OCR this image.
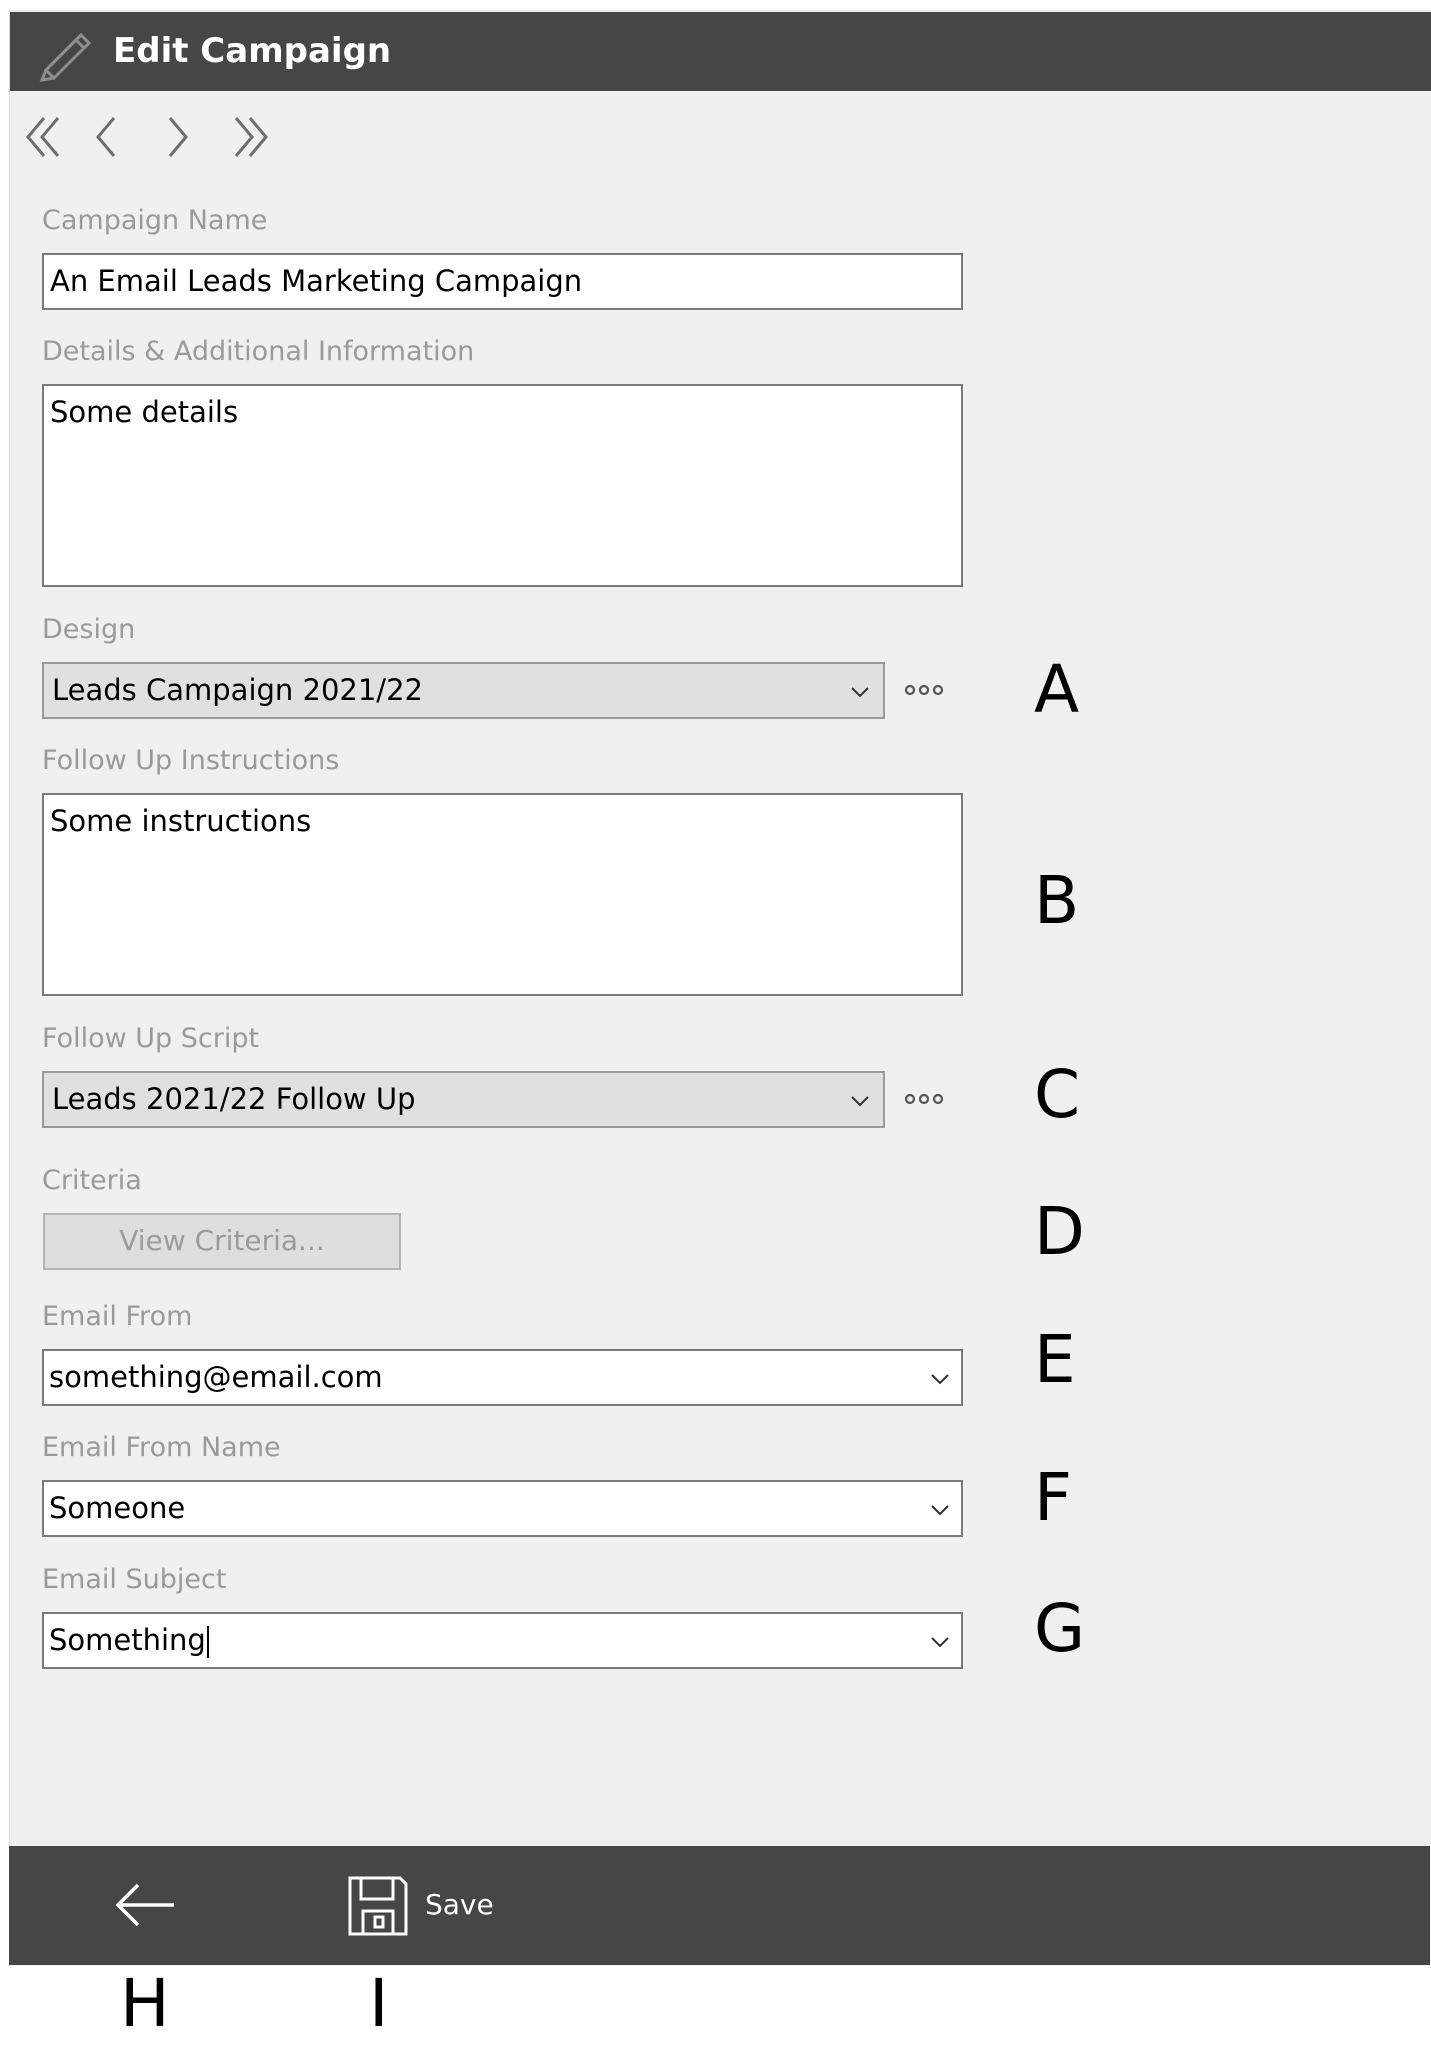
Edit Campaign
Campaign Name
An Email Leads Marketing Campaign
Details & Additional Information
Some details
Design
Leads Campaign 2021/22
Follow Up Instructions
Some instructions
Follow Up Script
Leads 2021/22 Follow Up
Criteria
View Criteria...
Email From
something@email.com
Email From Name
Someone
Email Subject
Something
A
B
C
D
E
F
G
Save
H	I
